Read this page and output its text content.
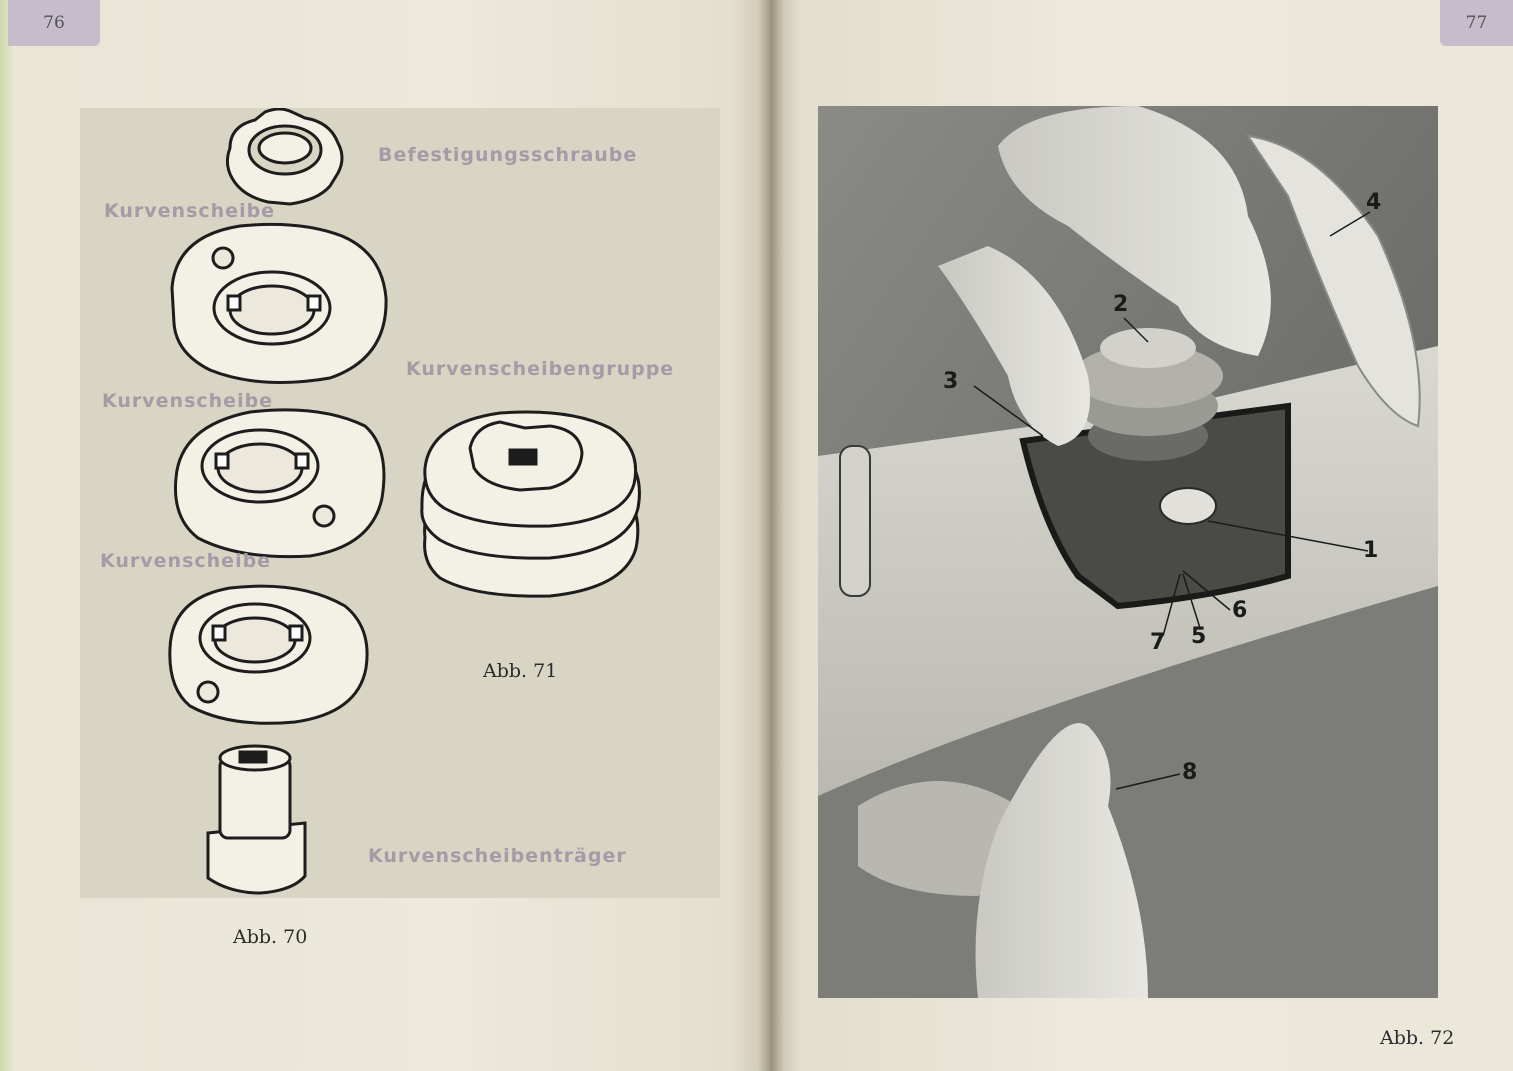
76
Befestigungsschraube
Kurvenscheibe
Kurvenscheibengruppe
Kurvenscheibe
Kurvenscheibe
Kurvenscheibenträger
Abb. 71
Abb. 70
77
1
2
3
4
5
6
7
8
Abb. 72
